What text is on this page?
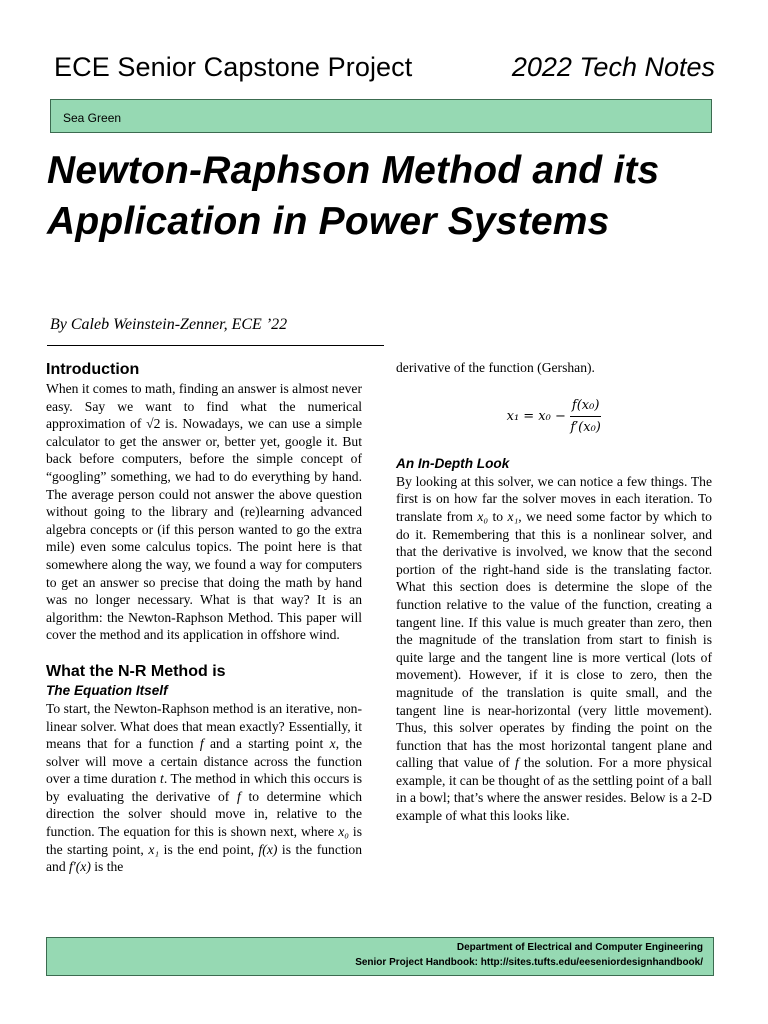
ECE Senior Capstone Project	2022 Tech Notes
Sea Green
Newton-Raphson Method and its Application in Power Systems
By Caleb Weinstein-Zenner, ECE ’22

Introduction

When it comes to math, finding an answer is almost never easy. Say we want to find what the numerical approximation of √2 is. Nowadays, we can use a simple calculator to get the answer or, better yet, google it. But back before computers, before the simple concept of “googling” something, we had to do everything by hand. The average person could not answer the above question without going to the library and (re)learning advanced algebra concepts or (if this person wanted to go the extra mile) even some calculus topics. The point here is that somewhere along the way, we found a way for computers to get an answer so precise that doing the math by hand was no longer necessary. What is that way? It is an algorithm: the Newton-Raphson Method. This paper will cover the method and its application in offshore wind.

What the N-R Method is

The Equation Itself

To start, the Newton-Raphson method is an iterative, non-linear solver. What does that mean exactly? Essentially, it means that for a function f and a starting point x, the solver will move a certain distance across the function over a time duration t. The method in which this occurs is by evaluating the derivative of f to determine which direction the solver should move in, relative to the function. The equation for this is shown next, where x₀ is the starting point, x₁ is the end point, f(x) is the function and f′(x) is the

derivative of the function (Gershan).

$x_1 = x_0 - \frac{\text{f(x₀)}}{\text{f′(x₀)}}$

An In-Depth Look

By looking at this solver, we can notice a few things. The first is on how far the solver moves in each iteration. To translate from x₀ to x₁, we need some factor by which to do it. Remembering that this is a nonlinear solver, and that the derivative is involved, we know that the second portion of the right-hand side is the translating factor. What this section does is determine the slope of the function relative to the value of the function, creating a tangent line. If this value is much greater than zero, then the magnitude of the translation from start to finish is quite large and the tangent line is more vertical (lots of movement). However, if it is close to zero, then the magnitude of the translation is quite small, and the tangent line is near-horizontal (very little movement). Thus, this solver operates by finding the point on the function that has the most horizontal tangent plane and calling that value of f the solution. For a more physical example, it can be thought of as the settling point of a ball in a bowl; that’s where the answer resides. Below is a 2-D example of what this looks like.

Department of Electrical and Computer Engineering
Senior Project Handbook: http://sites.tufts.edu/eeseniordesignhandbook/
